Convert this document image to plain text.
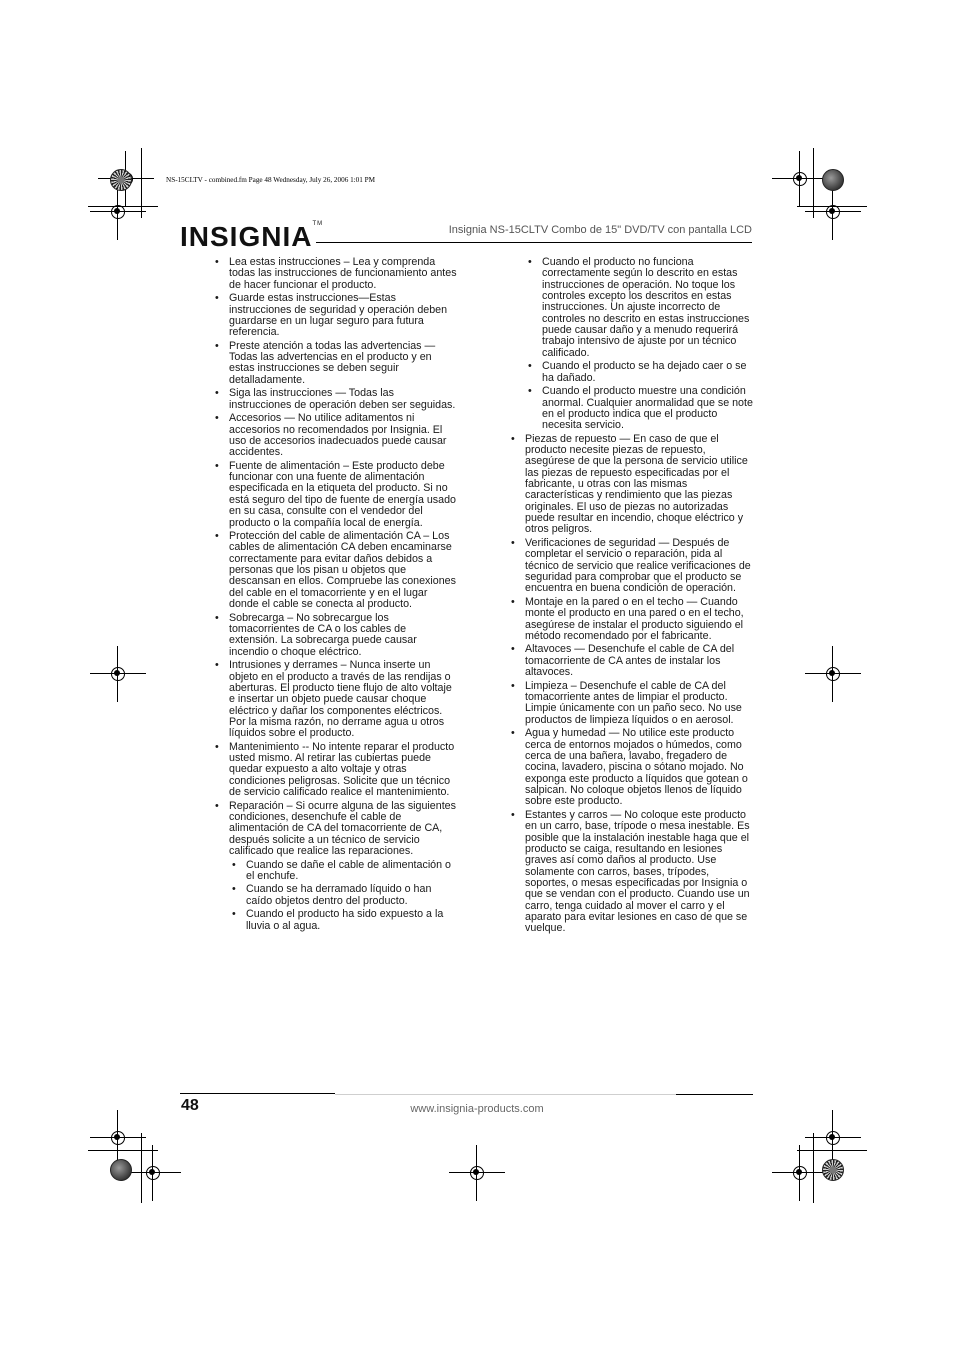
NS-15CLTV - combined.fm Page 48 Wednesday, July 26, 2006 1:01 PM
INSIGNIA™	Insignia NS-15CLTV Combo de 15" DVD/TV con pantalla LCD
• Lea estas instrucciones – Lea y comprenda todas las instrucciones de funcionamiento antes de hacer funcionar el producto.
• Guarde estas instrucciones—Estas instrucciones de seguridad y operación deben guardarse en un lugar seguro para futura referencia.
• Preste atención a todas las advertencias — Todas las advertencias en el producto y en estas instrucciones se deben seguir detalladamente.
• Siga las instrucciones — Todas las instrucciones de operación deben ser seguidas.
• Accesorios — No utilice aditamentos ni accesorios no recomendados por Insignia. El uso de accesorios inadecuados puede causar accidentes.
• Fuente de alimentación – Este producto debe funcionar con una fuente de alimentación especificada en la etiqueta del producto. Si no está seguro del tipo de fuente de energía usado en su casa, consulte con el vendedor del producto o la compañía local de energía.
• Protección del cable de alimentación CA – Los cables de alimentación CA deben encaminarse correctamente para evitar daños debidos a personas que los pisan u objetos que descansan en ellos. Compruebe las conexiones del cable en el tomacorriente y en el lugar donde el cable se conecta al producto.
• Sobrecarga – No sobrecargue los tomacorrientes de CA o los cables de extensión. La sobrecarga puede causar incendio o choque eléctrico.
• Intrusiones y derrames – Nunca inserte un objeto en el producto a través de las rendijas o aberturas. El producto tiene flujo de alto voltaje e insertar un objeto puede causar choque eléctrico y dañar los componentes eléctricos. Por la misma razón, no derrame agua u otros líquidos sobre el producto.
• Mantenimiento -- No intente reparar el producto usted mismo. Al retirar las cubiertas puede quedar expuesto a alto voltaje y otras condiciones peligrosas. Solicite que un técnico de servicio calificado realice el mantenimiento.
• Reparación – Si ocurre alguna de las siguientes condiciones, desenchufe el cable de alimentación de CA del tomacorriente de CA, después solicite a un técnico de servicio calificado que realice las reparaciones.
• Cuando se dañe el cable de alimentación o el enchufe.
• Cuando se ha derramado líquido o han caído objetos dentro del producto.
• Cuando el producto ha sido expuesto a la lluvia o al agua.
• Cuando el producto no funciona correctamente según lo descrito en estas instrucciones de operación. No toque los controles excepto los descritos en estas instrucciones. Un ajuste incorrecto de controles no descrito en estas instrucciones puede causar daño y a menudo requerirá trabajo intensivo de ajuste por un técnico calificado.
• Cuando el producto se ha dejado caer o se ha dañado.
• Cuando el producto muestre una condición anormal. Cualquier anormalidad que se note en el producto indica que el producto necesita servicio.
• Piezas de repuesto — En caso de que el producto necesite piezas de repuesto, asegúrese de que la persona de servicio utilice las piezas de repuesto especificadas por el fabricante, u otras con las mismas características y rendimiento que las piezas originales. El uso de piezas no autorizadas puede resultar en incendio, choque eléctrico y otros peligros.
• Verificaciones de seguridad — Después de completar el servicio o reparación, pida al técnico de servicio que realice verificaciones de seguridad para comprobar que el producto se encuentra en buena condición de operación.
• Montaje en la pared o en el techo — Cuando monte el producto en una pared o en el techo, asegúrese de instalar el producto siguiendo el método recomendado por el fabricante.
• Altavoces — Desenchufe el cable de CA del tomacorriente de CA antes de instalar los altavoces.
• Limpieza – Desenchufe el cable de CA del tomacorriente antes de limpiar el producto. Limpie únicamente con un paño seco. No use productos de limpieza líquidos o en aerosol.
• Agua y humedad — No utilice este producto cerca de entornos mojados o húmedos, como cerca de una bañera, lavabo, fregadero de cocina, lavadero, piscina o sótano mojado. No exponga este producto a líquidos que gotean o salpican. No coloque objetos llenos de líquido sobre este producto.
• Estantes y carros — No coloque este producto en un carro, base, trípode o mesa inestable. Es posible que la instalación inestable haga que el producto se caiga, resultando en lesiones graves así como daños al producto. Use solamente con carros, bases, trípodes, soportes, o mesas especificadas por Insignia o que se vendan con el producto. Cuando use un carro, tenga cuidado al mover el carro y el aparato para evitar lesiones en caso de que se vuelque.
48	www.insignia-products.com
